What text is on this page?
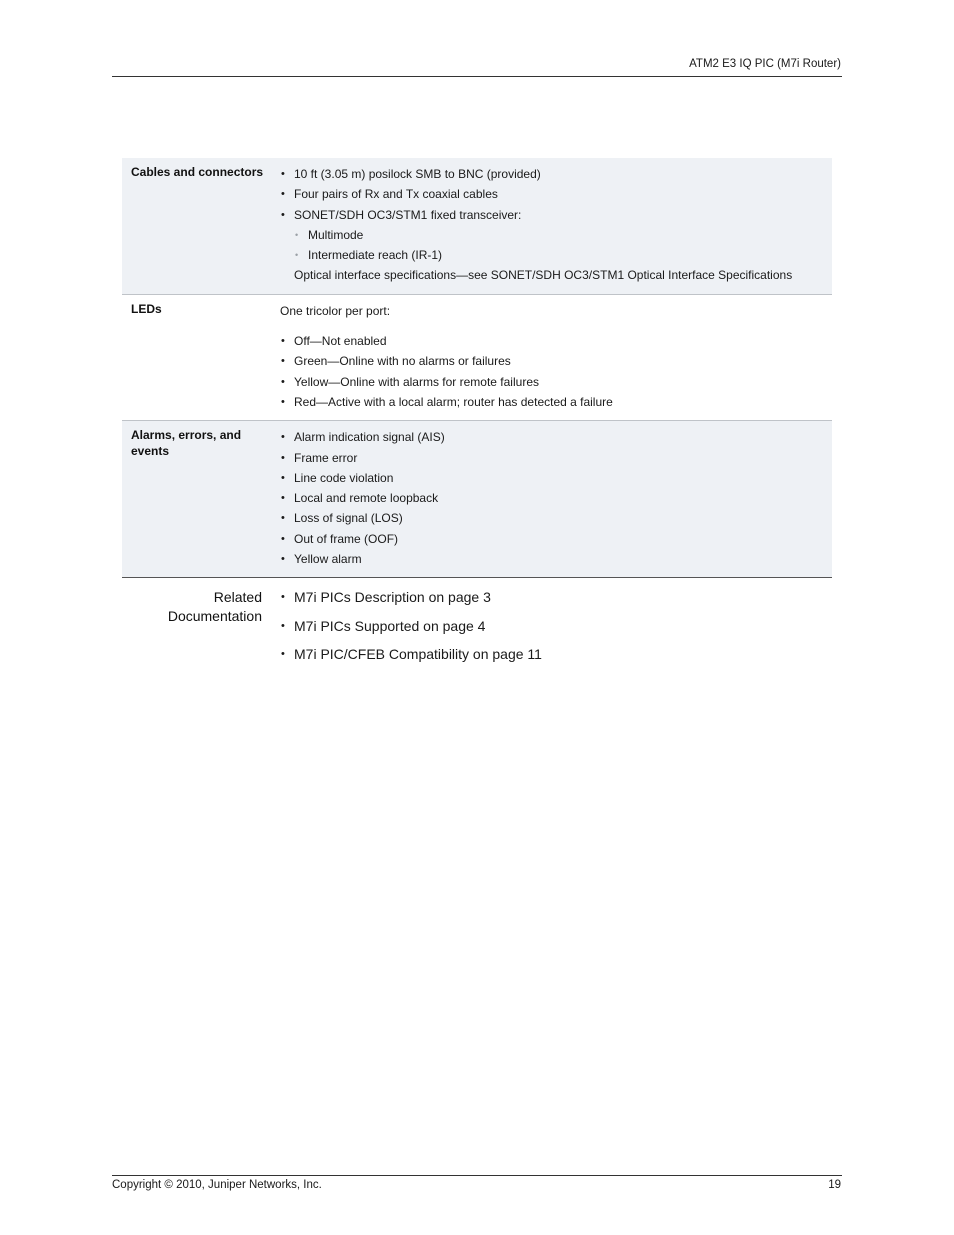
ATM2 E3 IQ PIC (M7i Router)
Cables and connectors
•	10 ft (3.05 m) posilock SMB to BNC (provided)
• Four pairs of Rx and Tx coaxial cables
• SONET/SDH OC3/STM1 fixed transceiver:
• Multimode
• Intermediate reach (IR-1)
Optical interface specifications—see SONET/SDH OC3/STM1 Optical Interface Specifications
LEDs	One tricolor per port:
• Off—Not enabled
• Green—Online with no alarms or failures
• Yellow—Online with alarms for remote failures
• Red—Active with a local alarm; router has detected a failure
Alarms, errors, and events
• Alarm indication signal (AIS)
• Frame error
• Line code violation
• Local and remote loopback
• Loss of signal (LOS)
• Out of frame (OOF)
• Yellow alarm
Related
Documentation
• M7i PICs Description on page 3
• M7i PICs Supported on page 4
• M7i PIC/CFEB Compatibility on page 11
Copyright © 2010, Juniper Networks, Inc.	19
